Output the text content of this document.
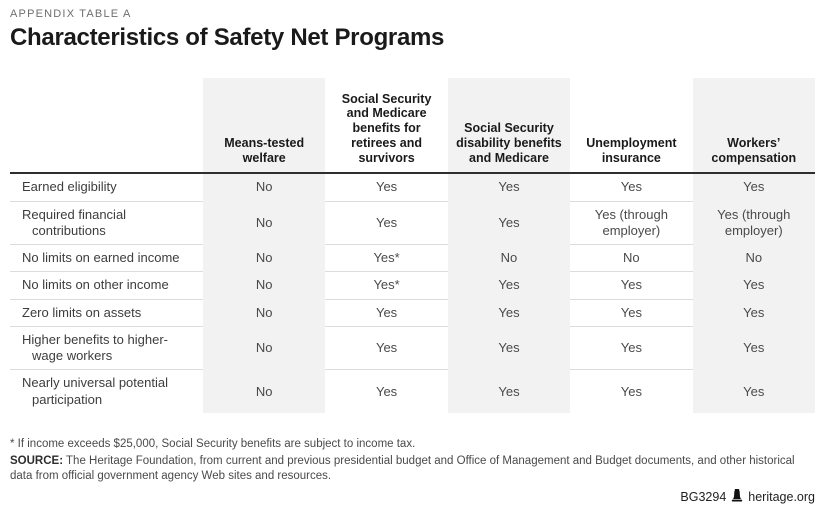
APPENDIX TABLE A
Characteristics of Safety Net Programs
	Means-tested welfare	Social Security and Medicare benefits for retirees and survivors	Social Security disability benefits and Medicare	Unemployment insurance	Workers’ compensation
Earned eligibility	No	Yes	Yes	Yes	Yes
Required financial contributions	No	Yes	Yes	Yes (through employer)	Yes (through employer)
No limits on earned income	No	Yes*	No	No	No
No limits on other income	No	Yes*	Yes	Yes	Yes
Zero limits on assets	No	Yes	Yes	Yes	Yes
Higher benefits to higher-wage workers	No	Yes	Yes	Yes	Yes
Nearly universal potential participation	No	Yes	Yes	Yes	Yes
* If income exceeds $25,000, Social Security benefits are subject to income tax.
SOURCE: The Heritage Foundation, from current and previous presidential budget and Office of Management and Budget documents, and other historical data from official government agency Web sites and resources.
BG3294 heritage.org
